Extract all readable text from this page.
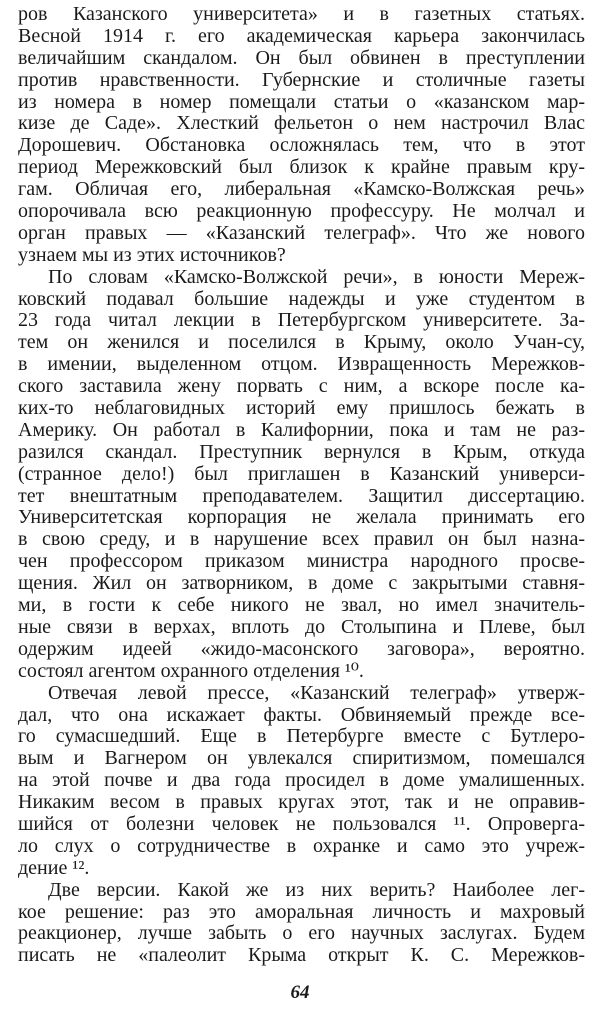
ров Казанского университета» и в газетных статьях.
Весной 1914 г. его академическая карьера закончилась
величайшим скандалом. Он был обвинен в преступлении
против нравственности. Губернские и столичные газеты
из номера в номер помещали статьи о «казанском мар-
кизе де Саде». Хлесткий фельетон о нем настрочил Влас
Дорошевич. Обстановка осложнялась тем, что в этот
период Мережковский был близок к крайне правым кру-
гам. Обличая его, либеральная «Камско-Волжская речь»
опорочивала всю реакционную профессуру. Не молчал и
орган правых — «Казанский телеграф». Что же нового
узнаем мы из этих источников?
По словам «Камско-Волжской речи», в юности Мереж-
ковский подавал большие надежды и уже студентом в
23 года читал лекции в Петербургском университете. За-
тем он женился и поселился в Крыму, около Учан-су,
в имении, выделенном отцом. Извращенность Мережков-
ского заставила жену порвать с ним, а вскоре после ка-
ких-то неблаговидных историй ему пришлось бежать в
Америку. Он работал в Калифорнии, пока и там не раз-
разился скандал. Преступник вернулся в Крым, откуда
(странное дело!) был приглашен в Казанский универси-
тет внештатным преподавателем. Защитил диссертацию.
Университетская корпорация не желала принимать его
в свою среду, и в нарушение всех правил он был назна-
чен профессором приказом министра народного просве-
щения. Жил он затворником, в доме с закрытыми ставня-
ми, в гости к себе никого не звал, но имел значитель-
ные связи в верхах, вплоть до Столыпина и Плеве, был
одержим идеей «жидо-масонского заговора», вероятно.
состоял агентом охранного отделения ¹⁰.
Отвечая левой прессе, «Казанский телеграф» утверж-
дал, что она искажает факты. Обвиняемый прежде все-
го сумасшедший. Еще в Петербурге вместе с Бутлеро-
вым и Вагнером он увлекался спиритизмом, помешался
на этой почве и два года просидел в доме умалишенных.
Никаким весом в правых кругах этот, так и не оправив-
шийся от болезни человек не пользовался ¹¹. Опроверга-
ло слух о сотрудничестве в охранке и само это учреж-
дение ¹².
Две версии. Какой же из них верить? Наиболее лег-
кое решение: раз это аморальная личность и махровый
реакционер, лучше забыть о его научных заслугах. Будем
писать не «палеолит Крыма открыт К. С. Мережков-
64
